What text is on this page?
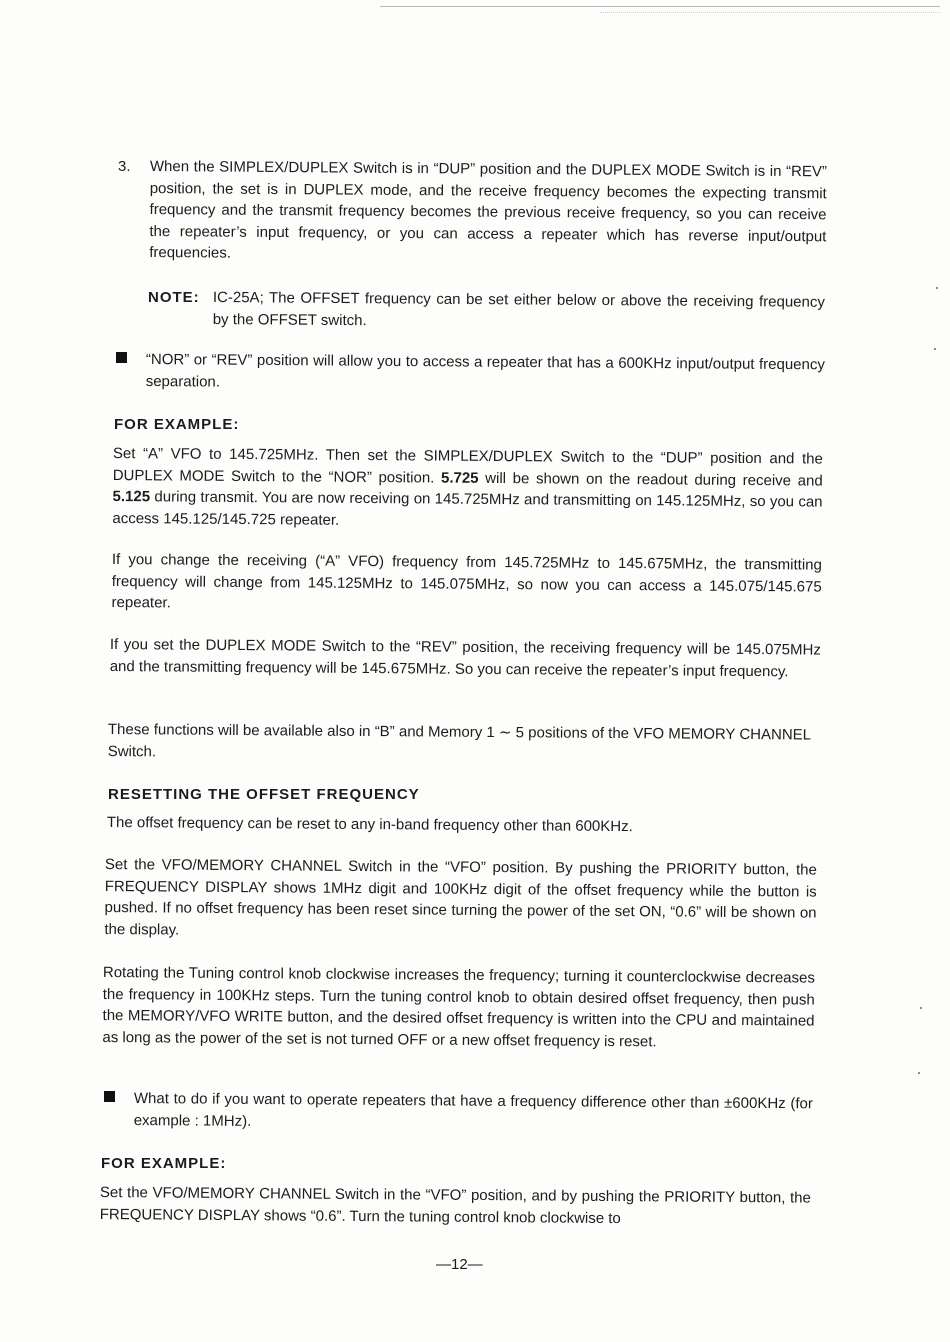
3. When the SIMPLEX/DUPLEX Switch is in “DUP” position and the DUPLEX MODE Switch is in “REV” position, the set is in DUPLEX mode, and the receive frequency becomes the expecting transmit frequency and the transmit frequency becomes the previous receive frequency, so you can receive the repeater’s input frequency, or you can access a repeater which has reverse input/output frequencies.
NOTE: IC-25A; The OFFSET frequency can be set either below or above the receiving frequency by the OFFSET switch.
“NOR” or “REV” position will allow you to access a repeater that has a 600KHz input/output frequency separation.
FOR EXAMPLE:
Set “A” VFO to 145.725MHz. Then set the SIMPLEX/DUPLEX Switch to the “DUP” position and the DUPLEX MODE Switch to the “NOR” position. 5.725 will be shown on the readout during receive and 5.125 during transmit. You are now receiving on 145.725MHz and transmitting on 145.125MHz, so you can access 145.125/145.725 repeater.
If you change the receiving (“A” VFO) frequency from 145.725MHz to 145.675MHz, the transmitting frequency will change from 145.125MHz to 145.075MHz, so now you can access a 145.075/145.675 repeater.
If you set the DUPLEX MODE Switch to the “REV” position, the receiving frequency will be 145.075MHz and the transmitting frequency will be 145.675MHz. So you can receive the repeater’s input frequency.
These functions will be available also in “B” and Memory 1 ∼ 5 positions of the VFO MEMORY CHANNEL Switch.
RESETTING THE OFFSET FREQUENCY
The offset frequency can be reset to any in-band frequency other than 600KHz.
Set the VFO/MEMORY CHANNEL Switch in the “VFO” position. By pushing the PRIORITY button, the FREQUENCY DISPLAY shows 1MHz digit and 100KHz digit of the offset frequency while the button is pushed. If no offset frequency has been reset since turning the power of the set ON, “0.6” will be shown on the display.
Rotating the Tuning control knob clockwise increases the frequency; turning it counterclockwise decreases the frequency in 100KHz steps. Turn the tuning control knob to obtain desired offset frequency, then push the MEMORY/VFO WRITE button, and the desired offset frequency is written into the CPU and maintained as long as the power of the set is not turned OFF or a new offset frequency is reset.
What to do if you want to operate repeaters that have a frequency difference other than ±600KHz (for example : 1MHz).
FOR EXAMPLE:
Set the VFO/MEMORY CHANNEL Switch in the “VFO” position, and by pushing the PRIORITY button, the FREQUENCY DISPLAY shows “0.6”. Turn the tuning control knob clockwise to
—12—
